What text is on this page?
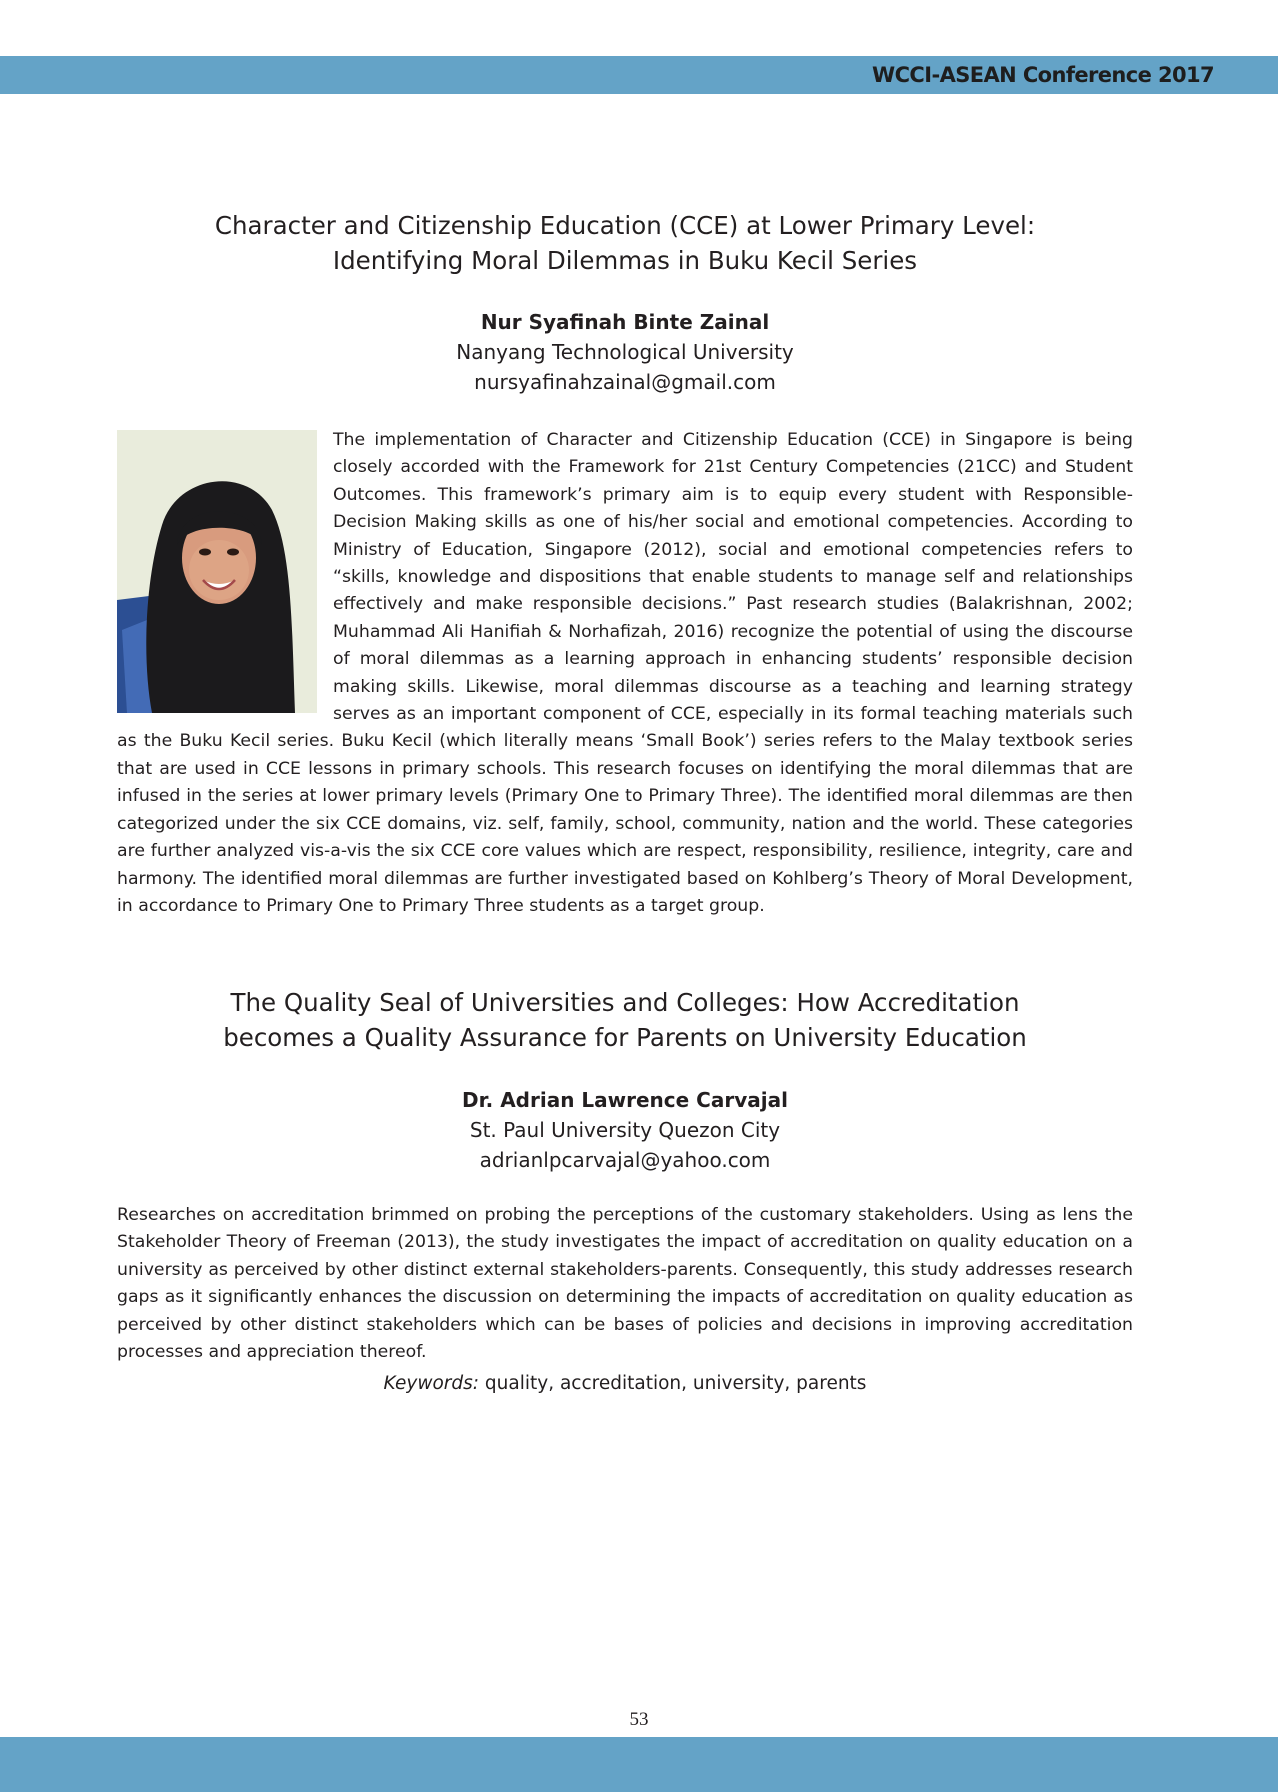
WCCI-ASEAN Conference 2017
Character and Citizenship Education (CCE) at Lower Primary Level:
Identifying Moral Dilemmas in Buku Kecil Series
Nur Syafinah Binte Zainal
Nanyang Technological University
nursyafinahzainal@gmail.com
The implementation of Character and Citizenship Education (CCE) in Singapore is being closely accorded with the Framework for 21st Century Competencies (21CC) and Student Outcomes. This framework’s primary aim is to equip every student with Responsible-Decision Making skills as one of his/her social and emotional competencies. According to Ministry of Education, Singapore (2012), social and emotional competencies refers to “skills, knowledge and dispositions that enable students to manage self and relationships effectively and make responsible decisions.” Past research studies (Balakrishnan, 2002; Muhammad Ali Hanifiah & Norhafizah, 2016) recognize the potential of using the discourse of moral dilemmas as a learning approach in enhancing students’ responsible decision making skills. Likewise, moral dilemmas discourse as a teaching and learning strategy serves as an important component of CCE, especially in its formal teaching materials such as the Buku Kecil series. Buku Kecil (which literally means ‘Small Book’) series refers to the Malay textbook series that are used in CCE lessons in primary schools. This research focuses on identifying the moral dilemmas that are infused in the series at lower primary levels (Primary One to Primary Three). The identified moral dilemmas are then categorized under the six CCE domains, viz. self, family, school, community, nation and the world. These categories are further analyzed vis-a-vis the six CCE core values which are respect, responsibility, resilience, integrity, care and harmony. The identified moral dilemmas are further investigated based on Kohlberg’s Theory of Moral Development, in accordance to Primary One to Primary Three students as a target group.
The Quality Seal of Universities and Colleges: How Accreditation
becomes a Quality Assurance for Parents on University Education
Dr. Adrian Lawrence Carvajal
St. Paul University Quezon City
adrianlpcarvajal@yahoo.com

Researches on accreditation brimmed on probing the perceptions of the customary stakeholders. Using as lens the Stakeholder Theory of Freeman (2013), the study investigates the impact of accreditation on quality education on a university as perceived by other distinct external stakeholders-parents. Consequently, this study addresses research gaps as it significantly enhances the discussion on determining the impacts of accreditation on quality education as perceived by other distinct stakeholders which can be bases of policies and decisions in improving accreditation processes and appreciation thereof.

Keywords: quality, accreditation, university, parents
53
